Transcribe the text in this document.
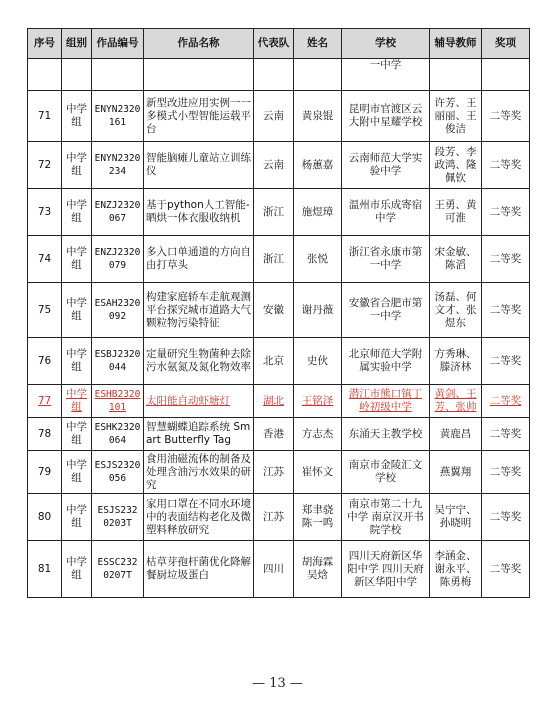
序号	组别	作品编号	作品名称	代表队	姓名	学校	辅导教师	奖项
						一中学		
71	中学组	ENYN2320161	新型改进应用实例一一多模式小型智能运载平台	云南	黄泉锟	昆明市官渡区云大附中星耀学校	许芳、王丽丽、王俊洁	二等奖
72	中学组	ENYN2320234	智能脑瘫儿童站立训练仪	云南	杨蕙嘉	云南师范大学实验中学	段芳、李政鸿、隆佩钦	二等奖
73	中学组	ENZJ2320067	基于python人工智能-晒烘一体衣服收纳机	浙江	施煜璋	温州市乐成寄宿中学	王勇、黄可淮	二等奖
74	中学组	ENZJ2320079	多入口单通道的方向自由打草头	浙江	张悦	浙江省永康市第一中学	宋金敏、陈滔	二等奖
75	中学组	ESAH2320092	构建家庭轿车走航观测平台探究城市道路大气颗粒物污染特征	安徽	谢丹薇	安徽省合肥市第一中学	汤磊、何文才、张煜东	二等奖
76	中学组	ESBJ2320044	定量研究生物菌种去除污水氨氮及氮化物效率	北京	史伙	北京师范大学附属实验中学	方秀琳、滕济林	二等奖
77	中学组	ESHB2320101	太阳能自动虾塘灯	湖北	王铭泽	潜江市熊口镇丁岭初级中学	黄剑、王芳、张帅	二等奖
78	中学组	ESHK2320064	智慧蝴蝶追踪系统 Smart Butterfly Tag	香港	方志杰	东涌天主教学校	黄鹿昌	二等奖
79	中学组	ESJS2320056	食用油磁流体的制备及处理含油污水效果的研究	江苏	崔怀文	南京市金陵汇文学校	燕翼翔	二等奖
80	中学组	ESJS232 0203T	家用口罩在不同水环境中的表面结构老化及微塑料释放研究	江苏	郑聿骁 陈一鸣	南京市第二十九中学 南京汉开书院学校	吴宁宁、孙晓明	二等奖
81	中学组	ESSC232 0207T	枯草芽孢杆菌优化降解餐厨垃圾蛋白	四川	胡海霖 吴焓	四川天府新区华阳中学 四川天府新区华阳中学	李涵金、谢永平、陈勇梅	二等奖
— 13 —
